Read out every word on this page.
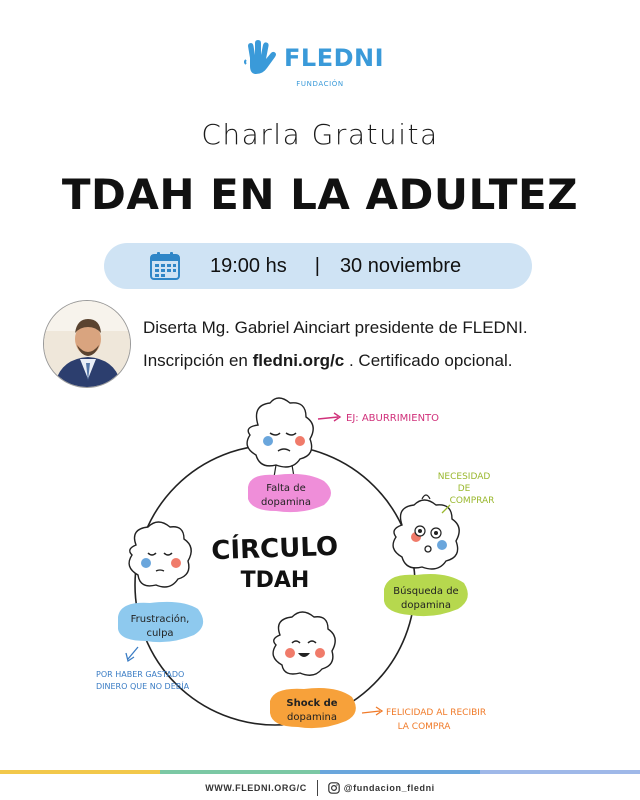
FLEDNI
FUNDACIÓN
Charla Gratuita
TDAH EN LA ADULTEZ
19:00 hs | 30 noviembre
Diserta Mg. Gabriel Ainciart presidente de FLEDNI.
Inscripción en fledni.org/c . Certificado opcional.
CÍRCULO
TDAH
Falta de
dopamina
EJ: ABURRIMIENTO
Búsqueda de
dopamina
NECESIDAD
DE
COMPRAR
Shock de
dopamina	FELICIDAD AL RECIBIR
LA COMPRA
Frustración,
culpa
POR HABER GASTADO
DINERO QUE NO DEBÍA
WWW.FLEDNI.ORG/C	@fundacion_fledni
